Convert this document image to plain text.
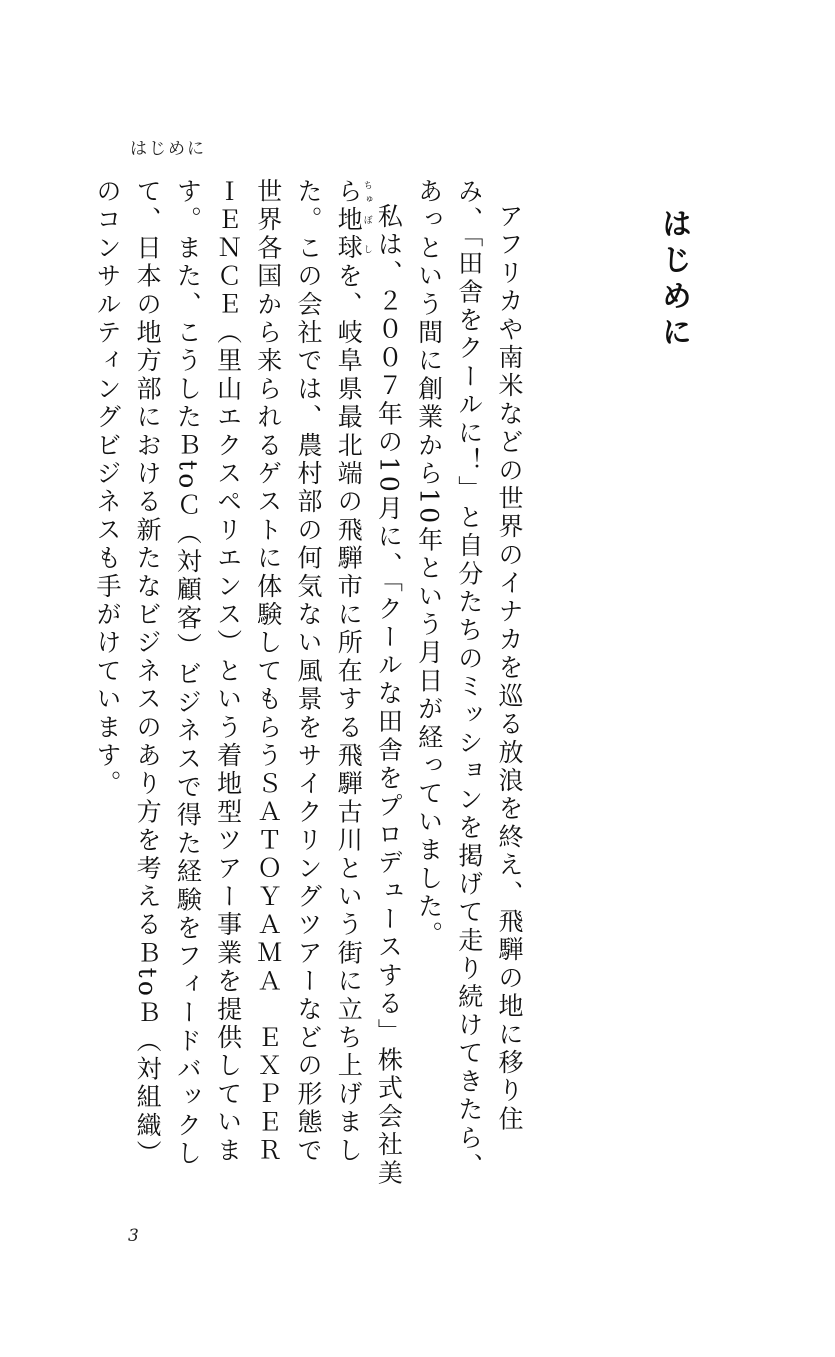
はじめに
はじめに

アフリカや南米などの世界のイナカを巡る放浪を終え、飛騨の地に移り住み、「田舎をクールに！」と自分たちのミッションを掲げて走り続けてきたら、あっという間に創業から10年という月日が経っていました。

私は、２００７年の10月に、「クールな田舎をプロデュースする」株式会社美らちゅ地球ぼしを、岐阜県最北端の飛騨市に所在する飛騨古川という街に立ち上げました。この会社では、農村部の何気ない風景をサイクリングツアーなどの形態で世界各国から来られるゲストに体験してもらうＳＡＴＯＹＡＭＡ　ＥＸＰＥＲＩＥＮＣＥ（里山エクスペリエンス）という着地型ツアー事業を提供しています。また、こうしたＢtoＣ（対顧客）ビジネスで得た経験をフィードバックして、日本の地方部における新たなビジネスのあり方を考えるＢtoＢ（対組織）のコンサルティングビジネスも手がけています。

3
